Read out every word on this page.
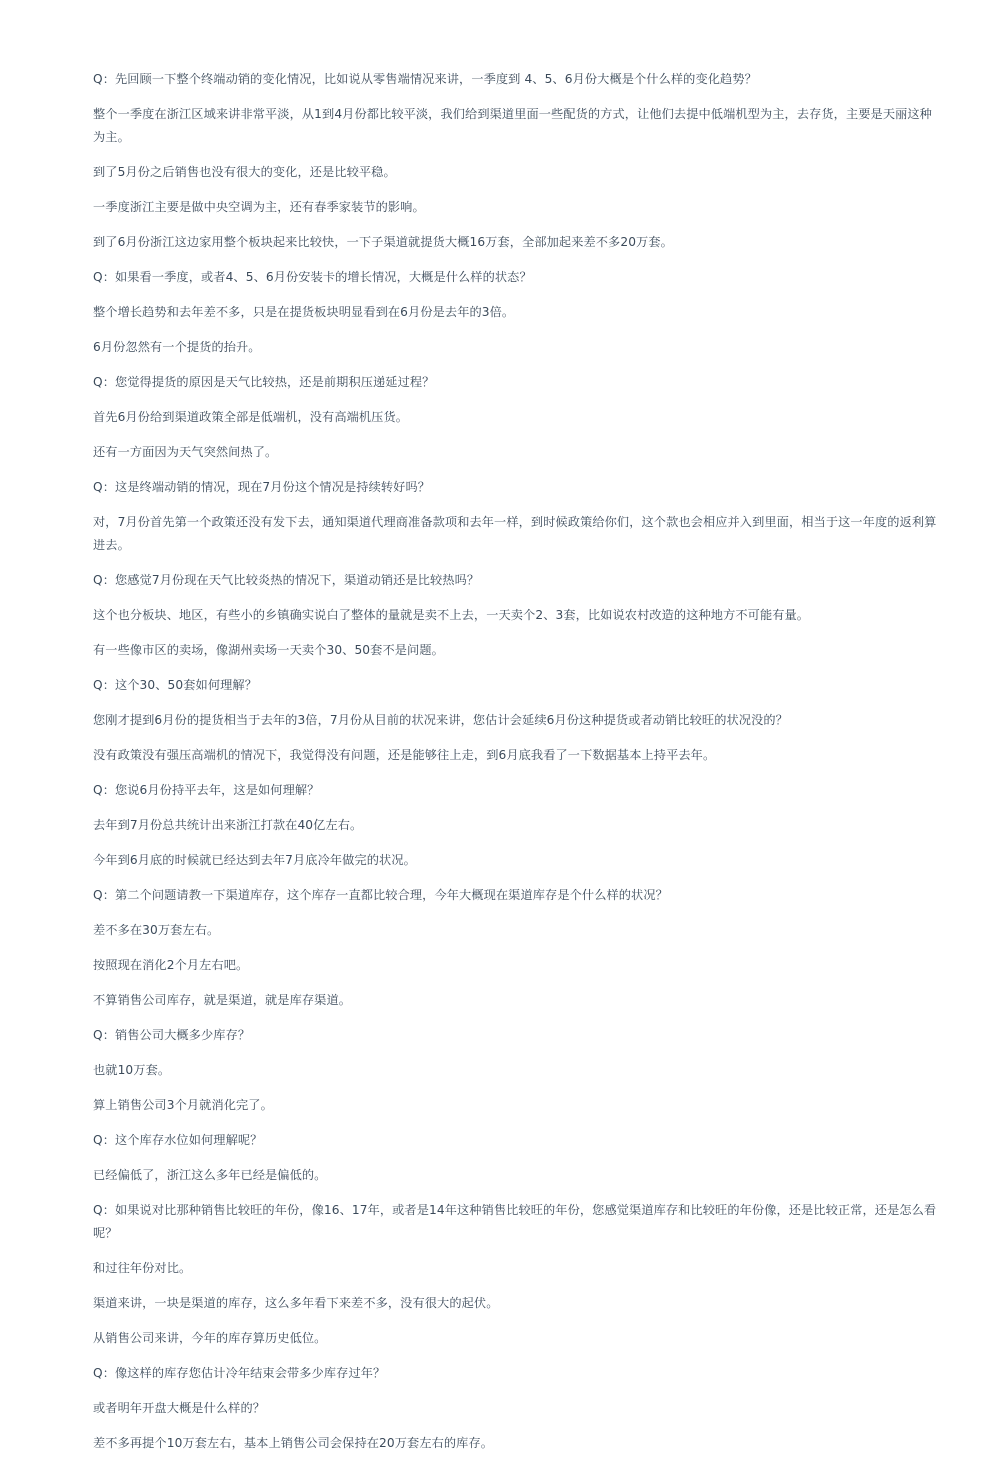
Q：先回顾一下整个终端动销的变化情况，比如说从零售端情况来讲，一季度到 4、5、6月份大概是个什么样的变化趋势？

整个一季度在浙江区域来讲非常平淡，从1到4月份都比较平淡，我们给到渠道里面一些配货的方式，让他们去提中低端机型为主，去存货，主要是天丽这种为主。

到了5月份之后销售也没有很大的变化，还是比较平稳。

一季度浙江主要是做中央空调为主，还有春季家装节的影响。

到了6月份浙江这边家用整个板块起来比较快，一下子渠道就提货大概16万套，全部加起来差不多20万套。

Q：如果看一季度，或者4、5、6月份安装卡的增长情况，大概是什么样的状态？

整个增长趋势和去年差不多，只是在提货板块明显看到在6月份是去年的3倍。

6月份忽然有一个提货的抬升。

Q：您觉得提货的原因是天气比较热，还是前期积压递延过程？

首先6月份给到渠道政策全部是低端机，没有高端机压货。

还有一方面因为天气突然间热了。

Q：这是终端动销的情况，现在7月份这个情况是持续转好吗？

对，7月份首先第一个政策还没有发下去，通知渠道代理商准备款项和去年一样，到时候政策给你们，这个款也会相应并入到里面，相当于这一年度的返利算进去。

Q：您感觉7月份现在天气比较炎热的情况下，渠道动销还是比较热吗？

这个也分板块、地区，有些小的乡镇确实说白了整体的量就是卖不上去，一天卖个2、3套，比如说农村改造的这种地方不可能有量。

有一些像市区的卖场，像湖州卖场一天卖个30、50套不是问题。

Q：这个30、50套如何理解？

您刚才提到6月份的提货相当于去年的3倍，7月份从目前的状况来讲，您估计会延续6月份这种提货或者动销比较旺的状况没的？

没有政策没有强压高端机的情况下，我觉得没有问题，还是能够往上走，到6月底我看了一下数据基本上持平去年。

Q：您说6月份持平去年，这是如何理解？

去年到7月份总共统计出来浙江打款在40亿左右。

今年到6月底的时候就已经达到去年7月底冷年做完的状况。

Q：第二个问题请教一下渠道库存，这个库存一直都比较合理，今年大概现在渠道库存是个什么样的状况？

差不多在30万套左右。

按照现在消化2个月左右吧。

不算销售公司库存，就是渠道，就是库存渠道。

Q：销售公司大概多少库存？

也就10万套。

算上销售公司3个月就消化完了。

Q：这个库存水位如何理解呢？

已经偏低了，浙江这么多年已经是偏低的。

Q：如果说对比那种销售比较旺的年份，像16、17年，或者是14年这种销售比较旺的年份，您感觉渠道库存和比较旺的年份像，还是比较正常，还是怎么看呢？

和过往年份对比。

渠道来讲，一块是渠道的库存，这么多年看下来差不多，没有很大的起伏。

从销售公司来讲，今年的库存算历史低位。

Q：像这样的库存您估计冷年结束会带多少库存过年？

或者明年开盘大概是什么样的？

差不多再提个10万套左右，基本上销售公司会保持在20万套左右的库存。
